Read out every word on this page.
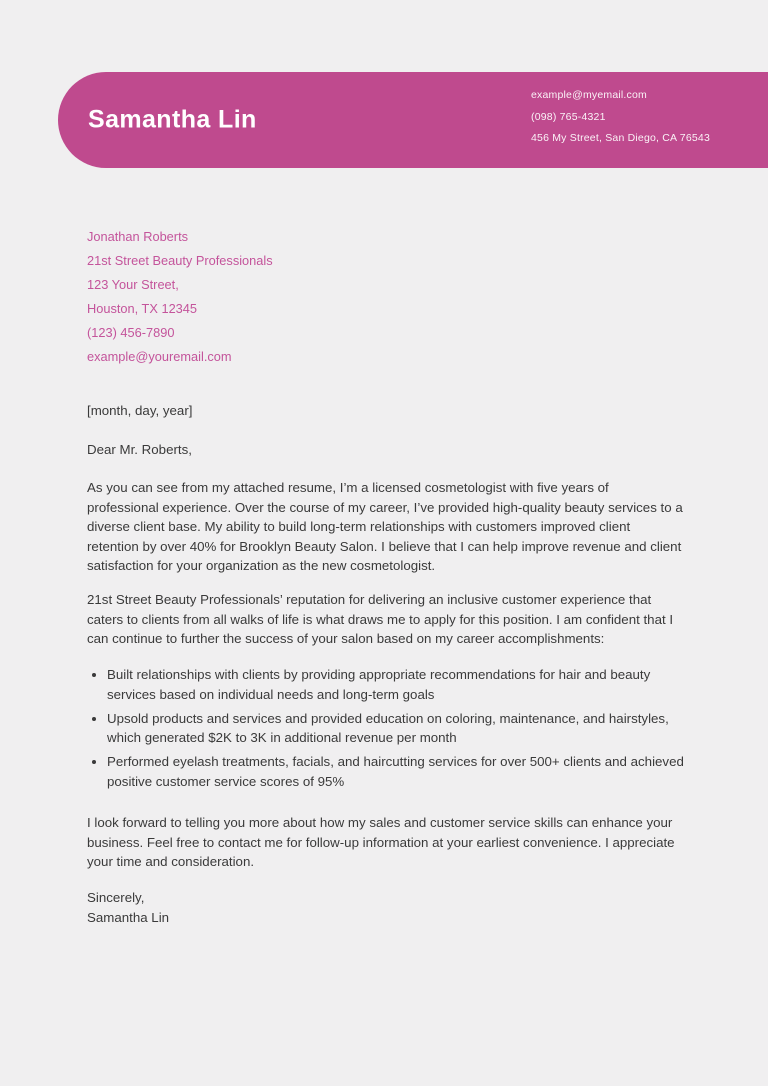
Samantha Lin
example@myemail.com
(098) 765-4321
456 My Street, San Diego, CA 76543
Jonathan Roberts
21st Street Beauty Professionals
123 Your Street,
Houston, TX 12345
(123) 456-7890
example@youremail.com
[month, day, year]
Dear Mr. Roberts,

As you can see from my attached resume, I’m a licensed cosmetologist with five years of professional experience. Over the course of my career, I’ve provided high-quality beauty services to a diverse client base. My ability to build long-term relationships with customers improved client retention by over 40% for Brooklyn Beauty Salon. I believe that I can help improve revenue and client satisfaction for your organization as the new cosmetologist.

21st Street Beauty Professionals’ reputation for delivering an inclusive customer experience that caters to clients from all walks of life is what draws me to apply for this position. I am confident that I can continue to further the success of your salon based on my career accomplishments:

• Built relationships with clients by providing appropriate recommendations for hair and beauty services based on individual needs and long-term goals
• Upsold products and services and provided education on coloring, maintenance, and hairstyles, which generated $2K to 3K in additional revenue per month
• Performed eyelash treatments, facials, and haircutting services for over 500+ clients and achieved positive customer service scores of 95%

I look forward to telling you more about how my sales and customer service skills can enhance your business. Feel free to contact me for follow-up information at your earliest convenience. I appreciate your time and consideration.

Sincerely,
Samantha Lin
